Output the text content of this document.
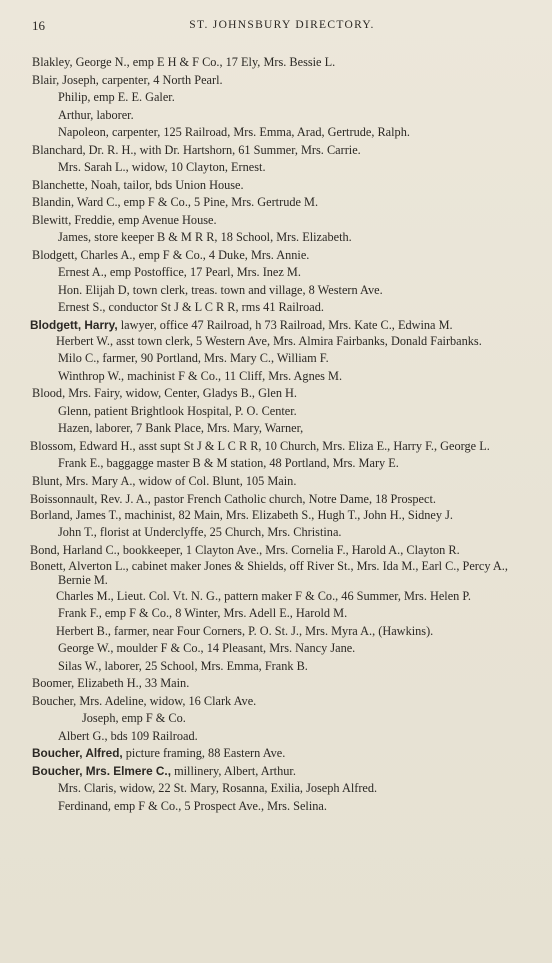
16	ST. JOHNSBURY DIRECTORY.
Blakley, George N., emp E H & F Co., 17 Ely, Mrs. Bessie L.
Blair, Joseph, carpenter, 4 North Pearl.
Philip, emp E. E. Galer.
Arthur, laborer.
Napoleon, carpenter, 125 Railroad, Mrs. Emma, Arad, Gertrude, Ralph.
Blanchard, Dr. R. H., with Dr. Hartshorn, 61 Summer, Mrs. Carrie.
Mrs. Sarah L., widow, 10 Clayton, Ernest.
Blanchette, Noah, tailor, bds Union House.
Blandin, Ward C., emp F & Co., 5 Pine, Mrs. Gertrude M.
Blewitt, Freddie, emp Avenue House.
James, store keeper B & M R R, 18 School, Mrs. Elizabeth.
Blodgett, Charles A., emp F & Co., 4 Duke, Mrs. Annie.
Ernest A., emp Postoffice, 17 Pearl, Mrs. Inez M.
Hon. Elijah D, town clerk, treas. town and village, 8 Western Ave.
Ernest S., conductor St J & L C R R, rms 41 Railroad.
Blodgett, Harry, lawyer, office 47 Railroad, h 73 Railroad, Mrs. Kate C., Edwina M.
Herbert W., asst town clerk, 5 Western Ave, Mrs. Almira Fairbanks, Donald Fairbanks.
Milo C., farmer, 90 Portland, Mrs. Mary C., William F.
Winthrop W., machinist F & Co., 11 Cliff, Mrs. Agnes M.
Blood, Mrs. Fairy, widow, Center, Gladys B., Glen H.
Glenn, patient Brightlook Hospital, P. O. Center.
Hazen, laborer, 7 Bank Place, Mrs. Mary, Warner,
Blossom, Edward H., asst supt St J & L C R R, 10 Church, Mrs. Eliza E., Harry F., George L.
Frank E., baggagge master B & M station, 48 Portland, Mrs. Mary E.
Blunt, Mrs. Mary A., widow of Col. Blunt, 105 Main.
Boissonnault, Rev. J. A., pastor French Catholic church, Notre Dame, 18 Prospect.
Borland, James T., machinist, 82 Main, Mrs. Elizabeth S., Hugh T., John H., Sidney J.
John T., florist at Underclyffe, 25 Church, Mrs. Christina.
Bond, Harland C., bookkeeper, 1 Clayton Ave., Mrs. Cornelia F., Harold A., Clayton R.
Bonett, Alverton L., cabinet maker Jones & Shields, off River St., Mrs. Ida M., Earl C., Percy A., Bernie M.
Charles M., Lieut. Col. Vt. N. G., pattern maker F & Co., 46 Summer, Mrs. Helen P.
Frank F., emp F & Co., 8 Winter, Mrs. Adell E., Harold M.
Herbert B., farmer, near Four Corners, P. O. St. J., Mrs. Myra A., (Hawkins).
George W., moulder F & Co., 14 Pleasant, Mrs. Nancy Jane.
Silas W., laborer, 25 School, Mrs. Emma, Frank B.
Boomer, Elizabeth H., 33 Main.
Boucher, Mrs. Adeline, widow, 16 Clark Ave.
Joseph, emp F & Co.
Albert G., bds 109 Railroad.
Boucher, Alfred, picture framing, 88 Eastern Ave.
Boucher, Mrs. Elmere C., millinery, Albert, Arthur.
Mrs. Claris, widow, 22 St. Mary, Rosanna, Exilia, Joseph Alfred.
Ferdinand, emp F & Co., 5 Prospect Ave., Mrs. Selina.
